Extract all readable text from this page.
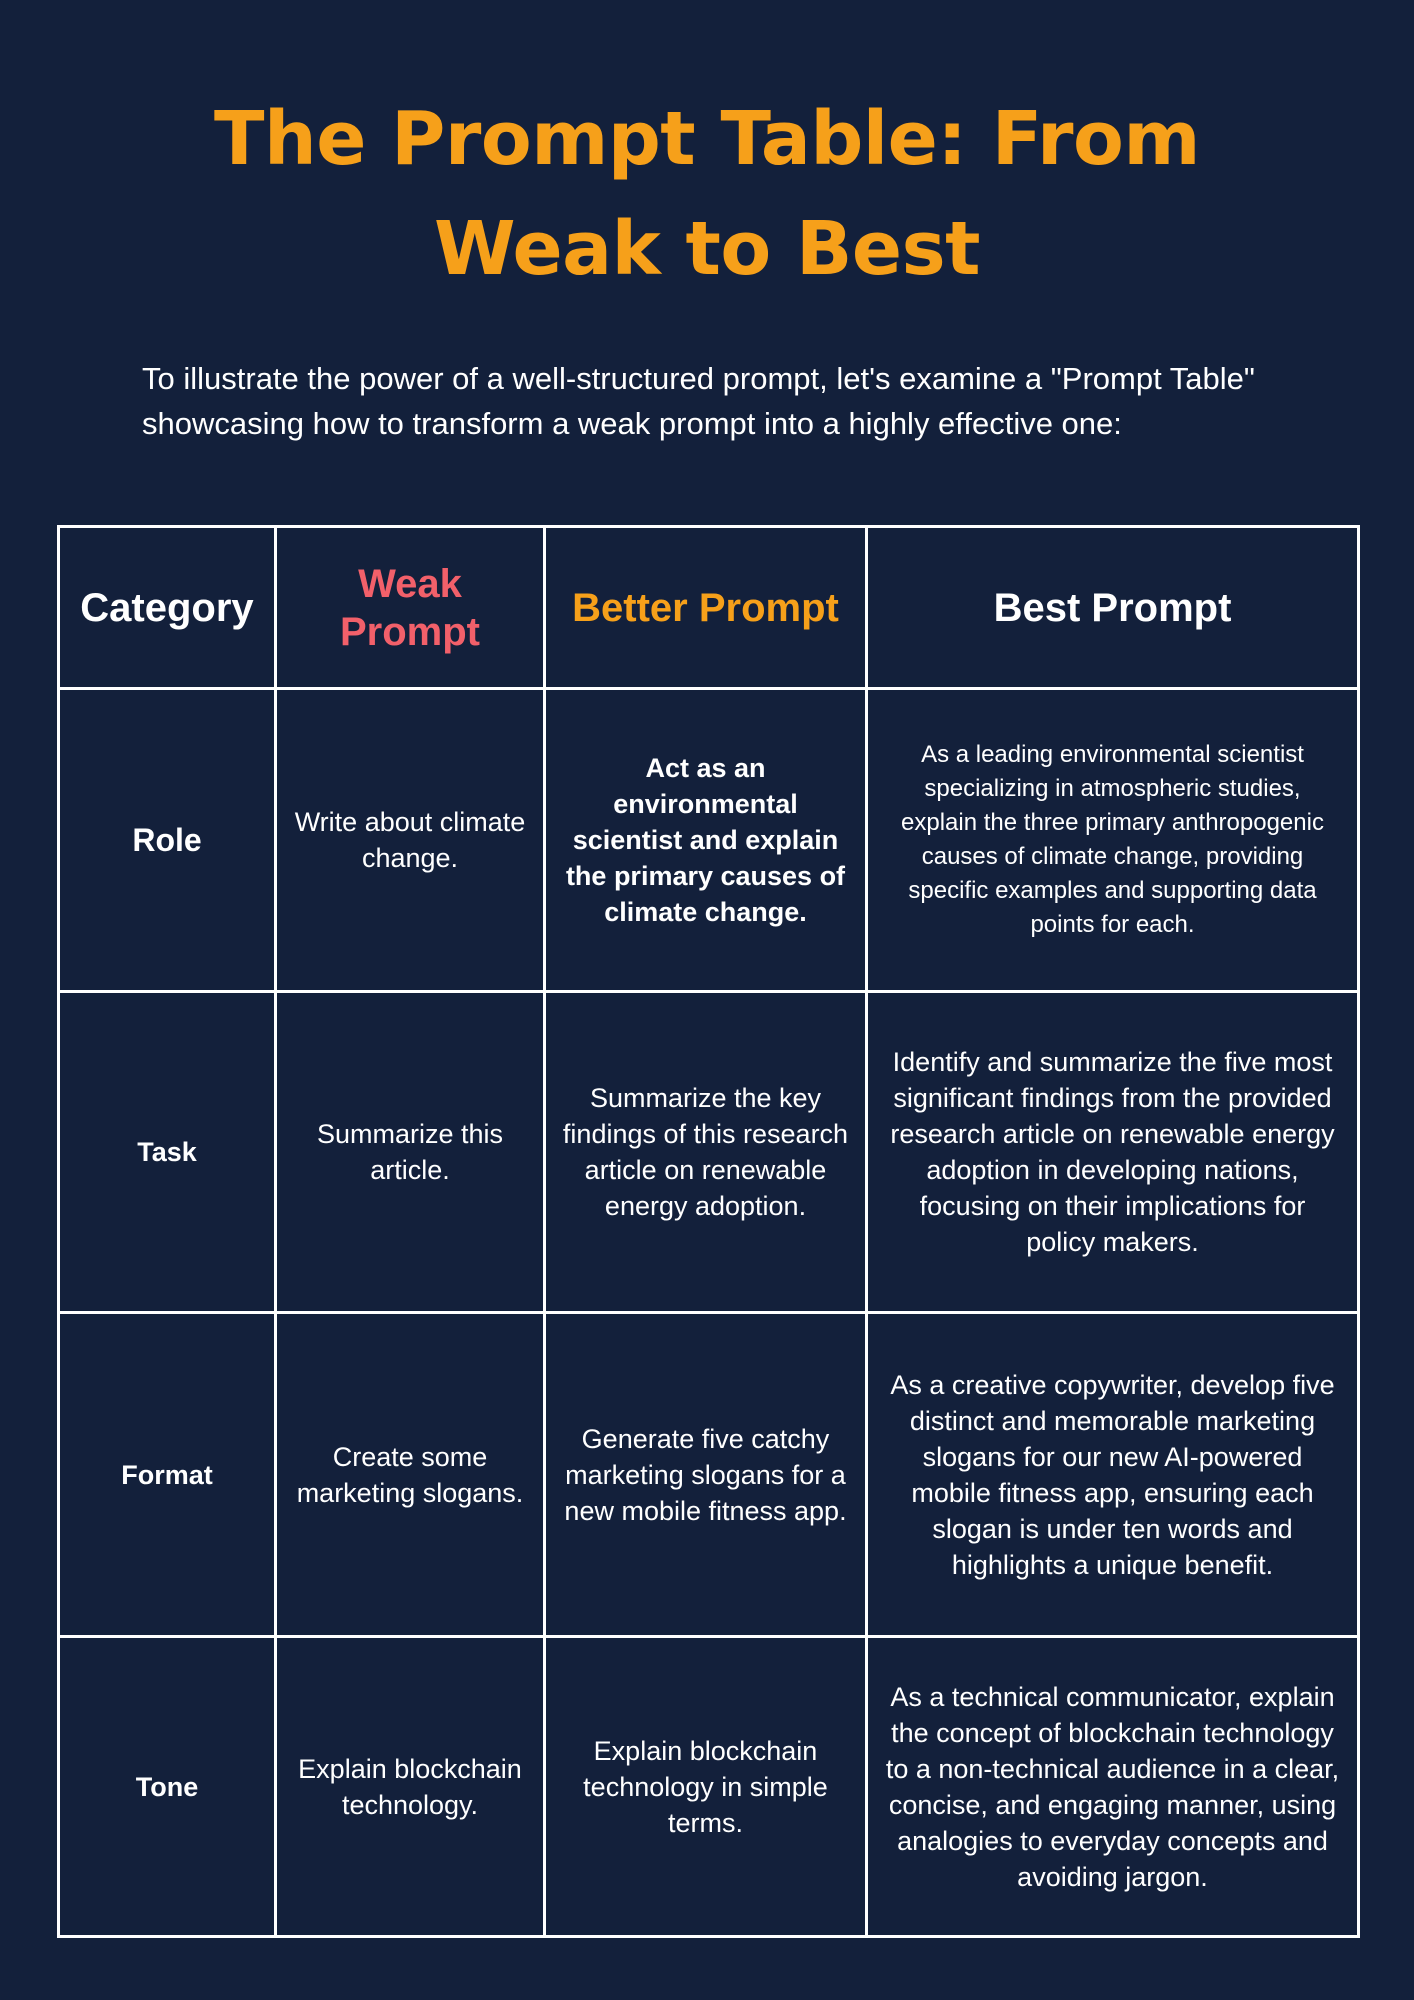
The Prompt Table: From
Weak to Best

To illustrate the power of a well-structured prompt, let's examine a "Prompt Table" showcasing how to transform a weak prompt into a highly effective one:

Category	Weak Prompt	Better Prompt	Best Prompt
Role	Write about climate change.	Act as an environmental scientist and explain the primary causes of climate change.	As a leading environmental scientist specializing in atmospheric studies, explain the three primary anthropogenic causes of climate change, providing specific examples and supporting data points for each.
Task	Summarize this article.	Summarize the key findings of this research article on renewable energy adoption.	Identify and summarize the five most significant findings from the provided research article on renewable energy adoption in developing nations, focusing on their implications for policy makers.
Format	Create some marketing slogans.	Generate five catchy marketing slogans for a new mobile fitness app.	As a creative copywriter, develop five distinct and memorable marketing slogans for our new AI-powered mobile fitness app, ensuring each slogan is under ten words and highlights a unique benefit.
Tone	Explain blockchain technology.	Explain blockchain technology in simple terms.	As a technical communicator, explain the concept of blockchain technology to a non-technical audience in a clear, concise, and engaging manner, using analogies to everyday concepts and avoiding jargon.
